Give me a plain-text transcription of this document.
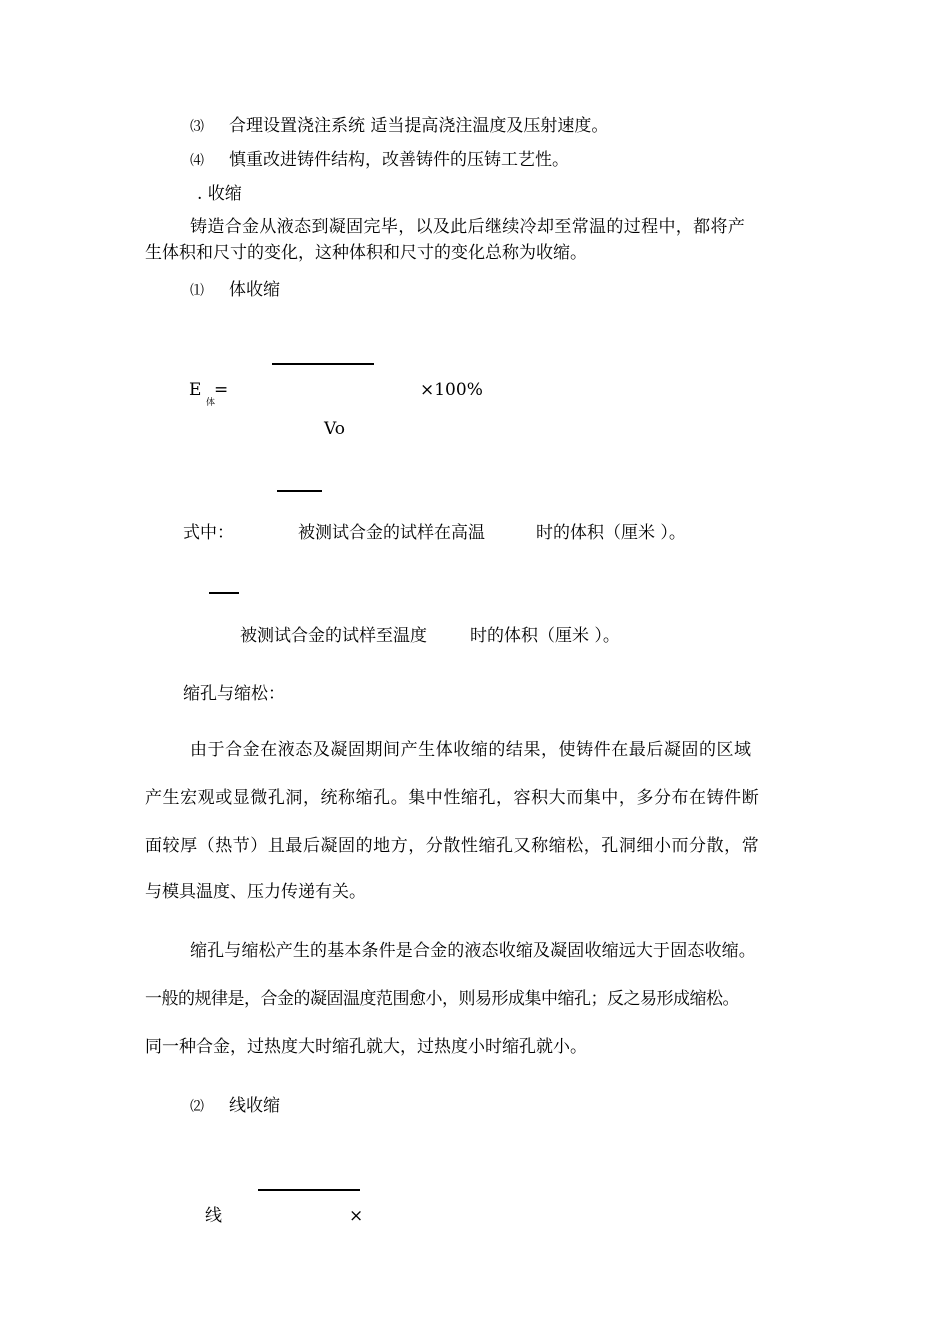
⑶ 合理设置浇注系统 适当提高浇注温度及压射速度。
⑷ 慎重改进铸件结构，改善铸件的压铸工艺性。
. 收缩
铸造合金从液态到凝固完毕，以及此后继续冷却至常温的过程中，都将产
生体积和尺寸的变化，这种体积和尺寸的变化总称为收缩。
⑴ 体收缩
E
体
=	×100%
Vo
式中：	被测试合金的试样在高温	时的体积（厘米 ）。
被测试合金的试样至温度	时的体积（厘米 ）。
缩孔与缩松：
由于合金在液态及凝固期间产生体收缩的结果，使铸件在最后凝固的区域
产生宏观或显微孔洞，统称缩孔。集中性缩孔，容积大而集中，多分布在铸件断
面较厚（热节）且最后凝固的地方，分散性缩孔又称缩松，孔洞细小而分散，常
与模具温度、压力传递有关。
缩孔与缩松产生的基本条件是合金的液态收缩及凝固收缩远大于固态收缩。
一般的规律是，合金的凝固温度范围愈小，则易形成集中缩孔；反之易形成缩松。
同一种合金，过热度大时缩孔就大，过热度小时缩孔就小。
⑵ 线收缩
线	×
